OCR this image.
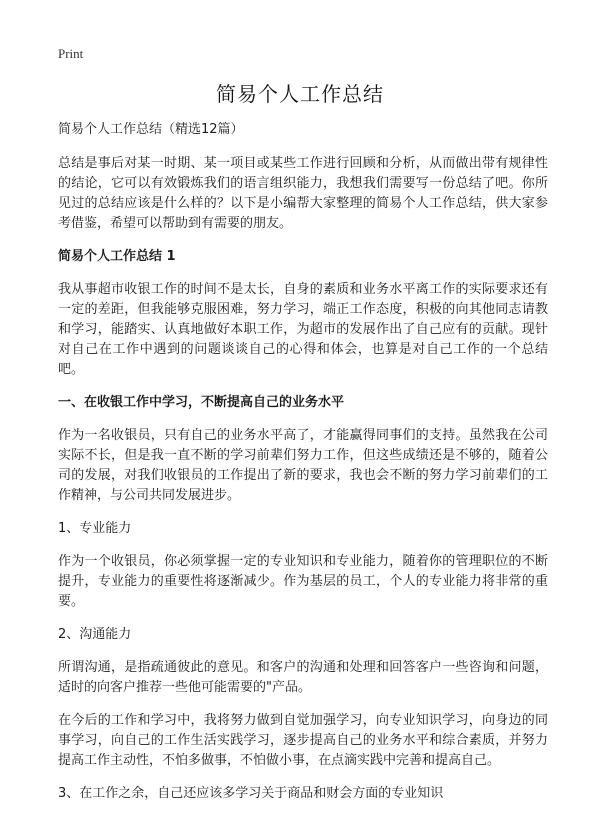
Print
简易个人工作总结

简易个人工作总结（精选12篇）

总结是事后对某一时期、某一项目或某些工作进行回顾和分析，从而做出带有规律性的结论，它可以有效锻炼我们的语言组织能力，我想我们需要写一份总结了吧。你所见过的总结应该是什么样的？以下是小编帮大家整理的简易个人工作总结，供大家参考借鉴，希望可以帮助到有需要的朋友。

简易个人工作总结 1

我从事超市收银工作的时间不是太长，自身的素质和业务水平离工作的实际要求还有一定的差距，但我能够克服困难，努力学习，端正工作态度，积极的向其他同志请教和学习，能踏实、认真地做好本职工作，为超市的发展作出了自己应有的贡献。现针对自己在工作中遇到的问题谈谈自己的心得和体会，也算是对自己工作的一个总结吧。

一、在收银工作中学习，不断提高自己的业务水平

作为一名收银员，只有自己的业务水平高了，才能赢得同事们的支持。虽然我在公司实际不长，但是我一直不断的学习前辈们努力工作，但这些成绩还是不够的，随着公司的发展，对我们收银员的工作提出了新的要求，我也会不断的努力学习前辈们的工作精神，与公司共同发展进步。

1、专业能力

作为一个收银员，你必须掌握一定的专业知识和专业能力，随着你的管理职位的不断提升，专业能力的重要性将逐渐减少。作为基层的员工，个人的专业能力将非常的重要。

2、沟通能力

所谓沟通，是指疏通彼此的意见。和客户的沟通和处理和回答客户一些咨询和问题，适时的向客户推荐一些他可能需要的"产品。

在今后的工作和学习中，我将努力做到自觉加强学习，向专业知识学习，向身边的同事学习，向自己的工作生活实践学习，逐步提高自己的业务水平和综合素质，并努力提高工作主动性，不怕多做事，不怕做小事，在点滴实践中完善和提高自己。

3、在工作之余，自己还应该多学习关于商品和财会方面的专业知识
